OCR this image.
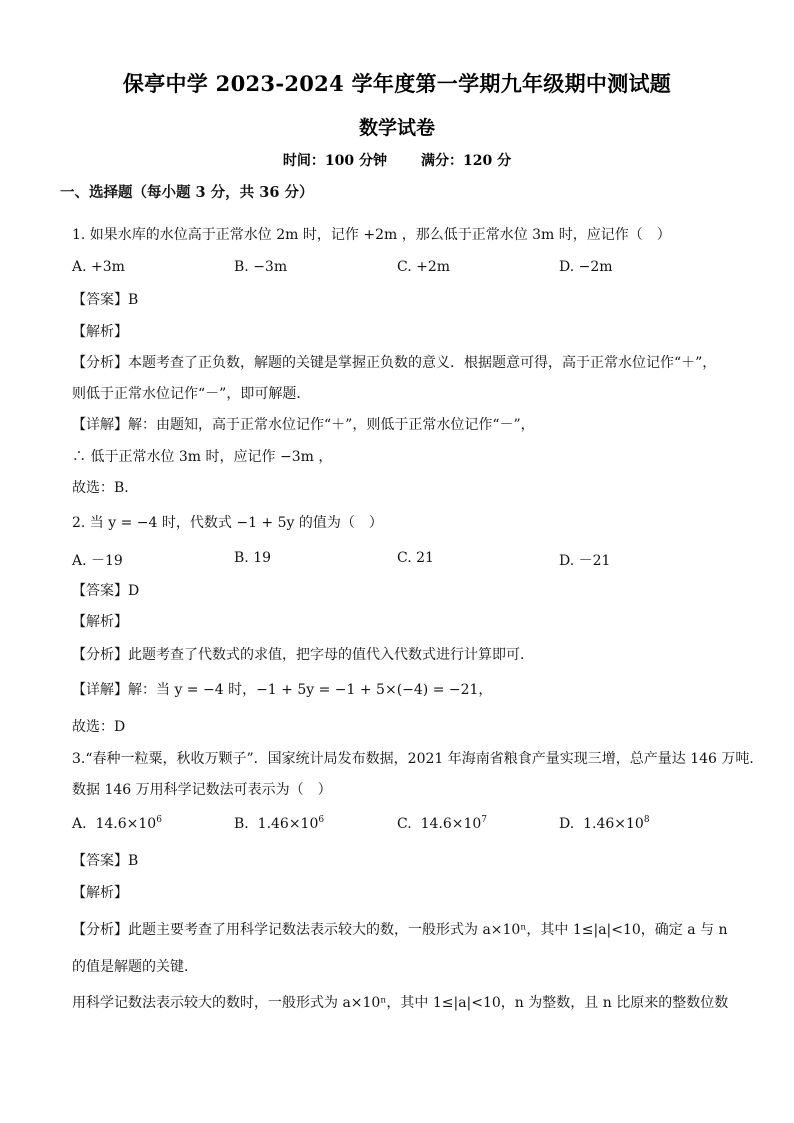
保亭中学 2023-2024 学年度第一学期九年级期中测试题
数学试卷
时间：100 分钟 满分：120 分
一、选择题（每小题 3 分，共 36 分）
1. 如果水库的水位高于正常水位 2m 时，记作 +2m ，那么低于正常水位 3m 时，应记作（　）
A. +3m	B. −3m	C. +2m	D. −2m
【答案】B
【解析】
【分析】本题考查了正负数，解题的关键是掌握正负数的意义．根据题意可得，高于正常水位记作“＋”，
则低于正常水位记作“－”，即可解题．
【详解】解：由题知，高于正常水位记作“＋”，则低于正常水位记作“－”，
∴ 低于正常水位 3m 时，应记作 −3m ，
故选：B．
2. 当 y = −4 时，代数式 −1 + 5y 的值为（　）
A. －19	B. 19	C. 21	D. －21
【答案】D
【解析】
【分析】此题考查了代数式的求值，把字母的值代入代数式进行计算即可．
【详解】解：当 y = −4 时，−1 + 5y = −1 + 5×(−4) = −21，
故选：D
3.“春种一粒粟，秋收万颗子”．国家统计局发布数据，2021 年海南省粮食产量实现三增，总产量达 146 万吨．
数据 146 万用科学记数法可表示为（　）
A. $14.6\times 10^6$	B. $1.46\times 10^6$	C. $14.6\times 10^7$	D. $1.46\times 10^8$
【答案】B
【解析】
【分析】此题主要考查了用科学记数法表示较大的数，一般形式为 a×10ⁿ，其中 1≤|a|<10，确定 a 与 n
的值是解题的关键．
用科学记数法表示较大的数时，一般形式为 a×10ⁿ，其中 1≤|a|<10，n 为整数，且 n 比原来的整数位数
